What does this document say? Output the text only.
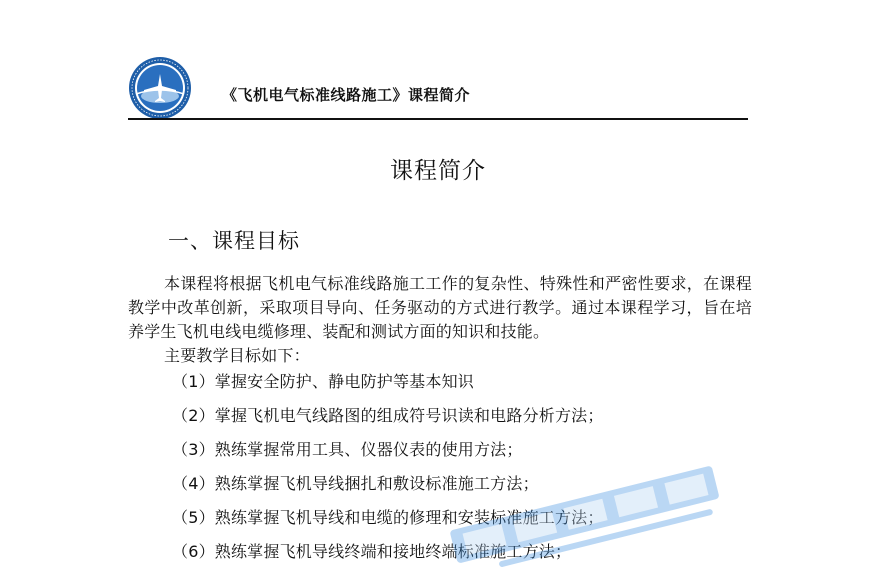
《飞机电气标准线路施工》课程简介
课程简介
一、课程目标
本课程将根据飞机电气标准线路施工工作的复杂性、特殊性和严密性要求，在课程教学中改革创新，采取项目导向、任务驱动的方式进行教学。通过本课程学习，旨在培养学生飞机电线电缆修理、装配和测试方面的知识和技能。
主要教学目标如下：
（1）掌握安全防护、静电防护等基本知识
（2）掌握飞机电气线路图的组成符号识读和电路分析方法；
（3）熟练掌握常用工具、仪器仪表的使用方法；
（4）熟练掌握飞机导线捆扎和敷设标准施工方法；
（5）熟练掌握飞机导线和电缆的修理和安装标准施工方法；
（6）熟练掌握飞机导线终端和接地终端标准施工方法；
